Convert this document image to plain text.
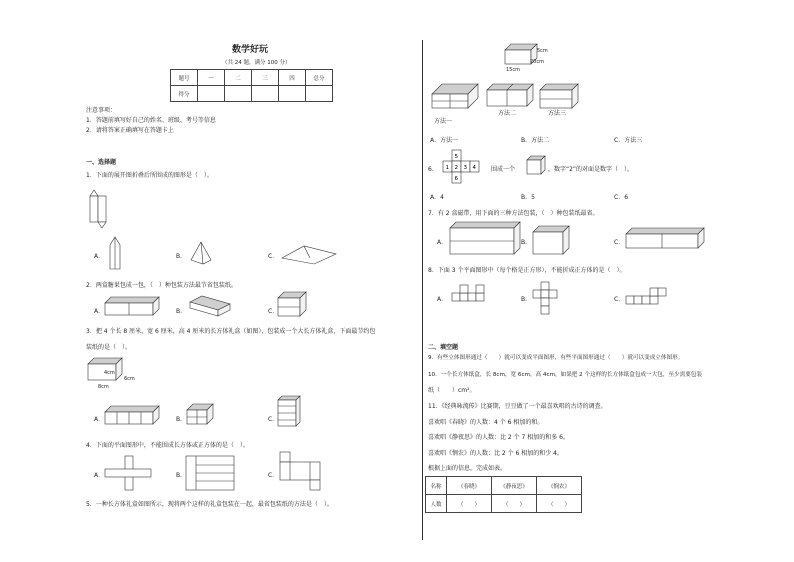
数学好玩
（共 24 题，满分 100 分）
题号	一	二	三	四	总分
得分					
注意事项：
1．答题前填写好自己的姓名、班级、考号等信息
2．请将答案正确填写在答题卡上
一、选择题
1．下面的展开图折叠后所围成的图形是（　）。
A．	B．	C．
2．两盒糖果包成一包，（　）种包装方法最节省包装纸。
A．	B．	C．
3．把 4 个长 8 厘米，宽 6 厘米，高 4 厘米的长方体礼盒（如图），包装成一个大长方体礼盒，下面最节约包
装纸的是（　）。
4cm
6cm
8cm
A．	B．	C．
4．下面的平面图形中，不能围成长方体或正方体的是（　）。
A．	B．	C．
5．一种长方体礼盒如图所示，现将两个这样的礼盒包装在一起，最省包装纸的方法是（　）。
5cm
20cm
15cm
方法一
方法二	方法三
A．方法一	B．方法二	C．方法三
6．
5
1 2 3 4
6
围成一个	，数字“2”的对面是数字（　）。
A．4	B．5	C．6
7．有 2 盒磁带，用下面的三种方法包装，（　）种包装纸最省。
A．	B．	C．
8．下面 3 个平面图形中（每个格是正方形），不能折成正方体的是（　）。
A．	B．	C．
二、填空题
9．有些立体图形通过（　　）就可以变成平面图形，有些平面图形通过（　　）就可以变成立体图形。
10．一个长方体纸盒，长 8cm，宽 6cm，高 4cm，如果把 2 个这样的长方体纸盒包成一大包，至少需要包装
纸（　　）cm²。
11．《经典咏流传》比赛期，豆豆做了一个最喜欢唱的古诗的调查。
喜欢唱《春晓》的人数：4 个 6 相加的和。
喜欢唱《静夜思》的人数：比 2 个 7 相加的和多 6。
喜欢唱《悯农》的人数：比 2 个 6 相加的和少 4。
根据上面的信息，完成如表。
名称	《春晓》	《静夜思》	《悯农》
人数	（　　）	（　　）	（　　）
